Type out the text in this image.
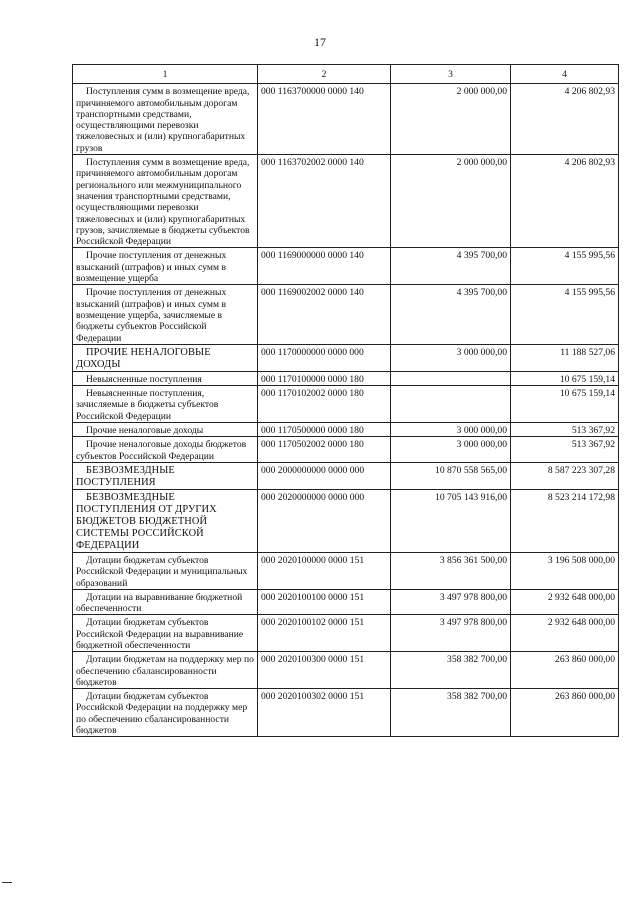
17
1	2	3	4
Поступления сумм в возмещение вреда, причиняемого автомобильным дорогам транспортными средствами, осуществляющими перевозки тяжеловесных и (или) крупногабаритных грузов	000 1163700000 0000 140	2 000 000,00	4 206 802,93
Поступления сумм в возмещение вреда, причиняемого автомобильным дорогам регионального или межмуниципального значения транспортными средствами, осуществляющими перевозки тяжеловесных и (или) крупногабаритных грузов, зачисляемые в бюджеты субъектов Российской Федерации	000 1163702002 0000 140	2 000 000,00	4 206 802,93
Прочие поступления от денежных взысканий (штрафов) и иных сумм в возмещение ущерба	000 1169000000 0000 140	4 395 700,00	4 155 995,56
Прочие поступления от денежных взысканий (штрафов) и иных сумм в возмещение ущерба, зачисляемые в бюджеты субъектов Российской Федерации	000 1169002002 0000 140	4 395 700,00	4 155 995,56
ПРОЧИЕ НЕНАЛОГОВЫЕ ДОХОДЫ	000 1170000000 0000 000	3 000 000,00	11 188 527,06
Невыясненные поступления	000 1170100000 0000 180		10 675 159,14
Невыясненные поступления, зачисляемые в бюджеты субъектов Российской Федерации	000 1170102002 0000 180		10 675 159,14
Прочие неналоговые доходы	000 1170500000 0000 180	3 000 000,00	513 367,92
Прочие неналоговые доходы бюджетов субъектов Российской Федерации	000 1170502002 0000 180	3 000 000,00	513 367,92
БЕЗВОЗМЕЗДНЫЕ ПОСТУПЛЕНИЯ	000 2000000000 0000 000	10 870 558 565,00	8 587 223 307,28
БЕЗВОЗМЕЗДНЫЕ ПОСТУПЛЕНИЯ ОТ ДРУГИХ БЮДЖЕТОВ БЮДЖЕТНОЙ СИСТЕМЫ РОССИЙСКОЙ ФЕДЕРАЦИИ	000 2020000000 0000 000	10 705 143 916,00	8 523 214 172,98
Дотации бюджетам субъектов Российской Федерации и муниципальных образований	000 2020100000 0000 151	3 856 361 500,00	3 196 508 000,00
Дотации на выравнивание бюджетной обеспеченности	000 2020100100 0000 151	3 497 978 800,00	2 932 648 000,00
Дотации бюджетам субъектов Российской Федерации на выравнивание бюджетной обеспеченности	000 2020100102 0000 151	3 497 978 800,00	2 932 648 000,00
Дотации бюджетам на поддержку мер по обеспечению сбалансированности бюджетов	000 2020100300 0000 151	358 382 700,00	263 860 000,00
Дотации бюджетам субъектов Российской Федерации на поддержку мер по обеспечению сбалансированности бюджетов	000 2020100302 0000 151	358 382 700,00	263 860 000,00
